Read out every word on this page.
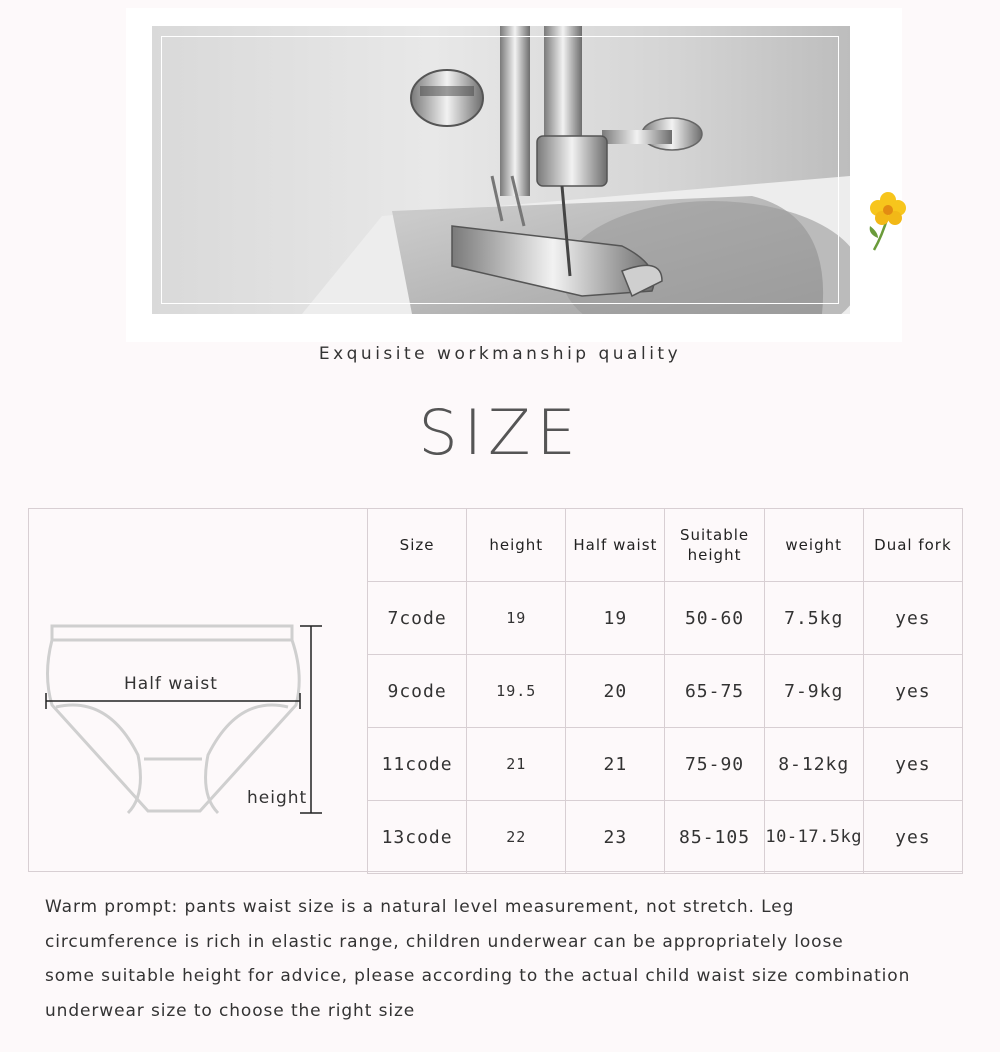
Exquisite workmanship quality
SIZE
Half waist
height
Size	height	Half waist	Suitable height	weight	Dual fork
7code	19	19	50-60	7.5kg	yes
9code	19.5	20	65-75	7-9kg	yes
11code	21	21	75-90	8-12kg	yes
13code	22	23	85-105	10-17.5kg	yes
Warm prompt: pants waist size is a natural level measurement, not stretch. Leg
circumference is rich in elastic range, children underwear can be appropriately loose
some suitable height for advice, please according to the actual child waist size combination
underwear size to choose the right size
